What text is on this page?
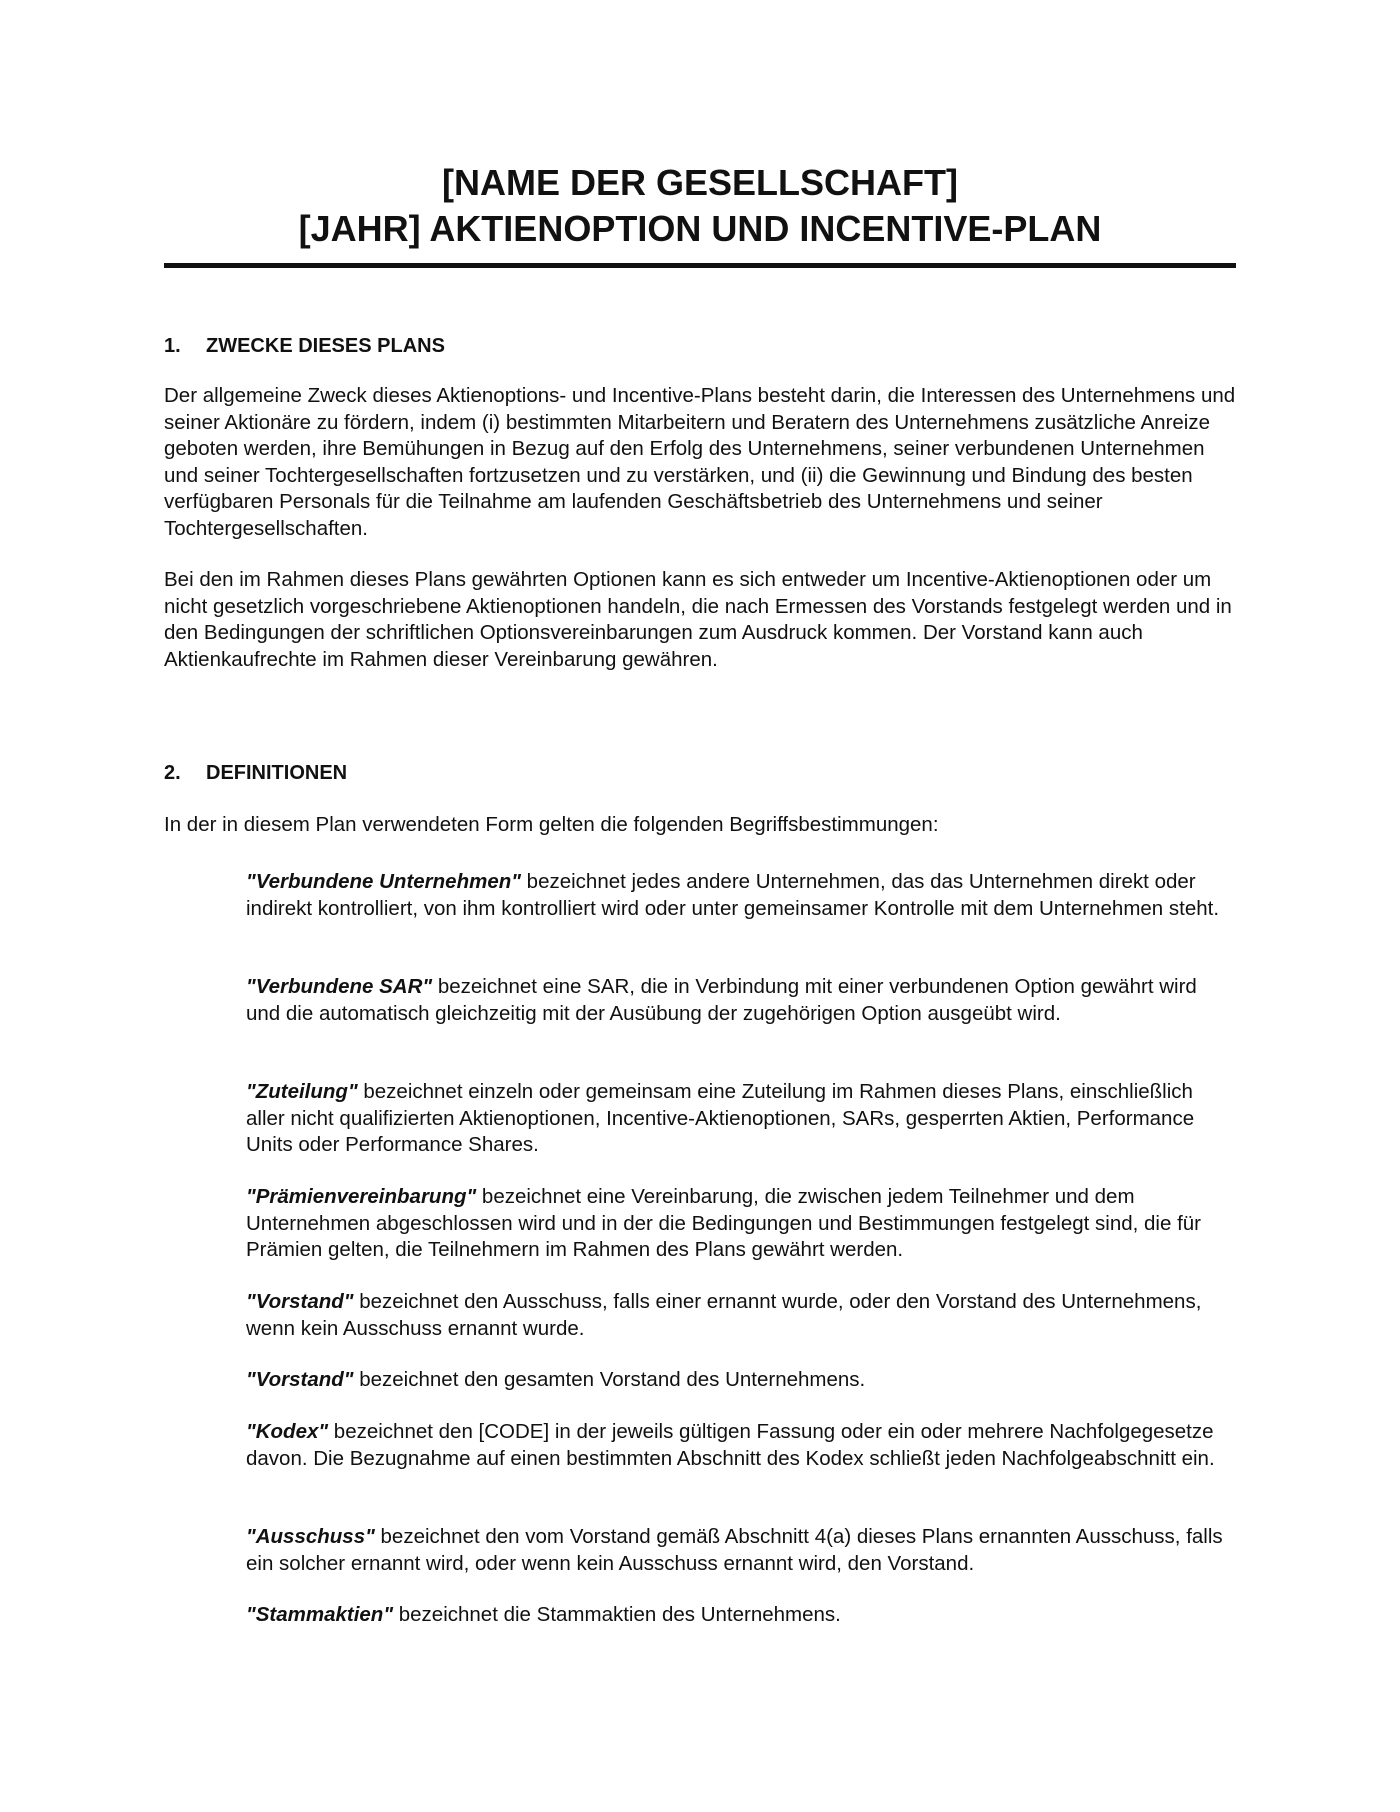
[NAME DER GESELLSCHAFT]
[JAHR] AKTIENOPTION UND INCENTIVE-PLAN
1. ZWECKE DIESES PLANS

Der allgemeine Zweck dieses Aktienoptions- und Incentive-Plans besteht darin, die Interessen des Unternehmens und seiner Aktionäre zu fördern, indem (i) bestimmten Mitarbeitern und Beratern des Unternehmens zusätzliche Anreize geboten werden, ihre Bemühungen in Bezug auf den Erfolg des Unternehmens, seiner verbundenen Unternehmen und seiner Tochtergesellschaften fortzusetzen und zu verstärken, und (ii) die Gewinnung und Bindung des besten verfügbaren Personals für die Teilnahme am laufenden Geschäftsbetrieb des Unternehmens und seiner Tochtergesellschaften.

Bei den im Rahmen dieses Plans gewährten Optionen kann es sich entweder um Incentive-Aktienoptionen oder um nicht gesetzlich vorgeschriebene Aktienoptionen handeln, die nach Ermessen des Vorstands festgelegt werden und in den Bedingungen der schriftlichen Optionsvereinbarungen zum Ausdruck kommen. Der Vorstand kann auch Aktienkaufrechte im Rahmen dieser Vereinbarung gewähren.

2. DEFINITIONEN

In der in diesem Plan verwendeten Form gelten die folgenden Begriffsbestimmungen:

"Verbundene Unternehmen" bezeichnet jedes andere Unternehmen, das das Unternehmen direkt oder indirekt kontrolliert, von ihm kontrolliert wird oder unter gemeinsamer Kontrolle mit dem Unternehmen steht.

"Verbundene SAR" bezeichnet eine SAR, die in Verbindung mit einer verbundenen Option gewährt wird und die automatisch gleichzeitig mit der Ausübung der zugehörigen Option ausgeübt wird.

"Zuteilung" bezeichnet einzeln oder gemeinsam eine Zuteilung im Rahmen dieses Plans, einschließlich aller nicht qualifizierten Aktienoptionen, Incentive-Aktienoptionen, SARs, gesperrten Aktien, Performance Units oder Performance Shares.

"Prämienvereinbarung" bezeichnet eine Vereinbarung, die zwischen jedem Teilnehmer und dem Unternehmen abgeschlossen wird und in der die Bedingungen und Bestimmungen festgelegt sind, die für Prämien gelten, die Teilnehmern im Rahmen des Plans gewährt werden.

"Vorstand" bezeichnet den Ausschuss, falls einer ernannt wurde, oder den Vorstand des Unternehmens, wenn kein Ausschuss ernannt wurde.

"Vorstand" bezeichnet den gesamten Vorstand des Unternehmens.

"Kodex" bezeichnet den [CODE] in der jeweils gültigen Fassung oder ein oder mehrere Nachfolgegesetze davon. Die Bezugnahme auf einen bestimmten Abschnitt des Kodex schließt jeden Nachfolgeabschnitt ein.

"Ausschuss" bezeichnet den vom Vorstand gemäß Abschnitt 4(a) dieses Plans ernannten Ausschuss, falls ein solcher ernannt wird, oder wenn kein Ausschuss ernannt wird, den Vorstand.

"Stammaktien" bezeichnet die Stammaktien des Unternehmens.
